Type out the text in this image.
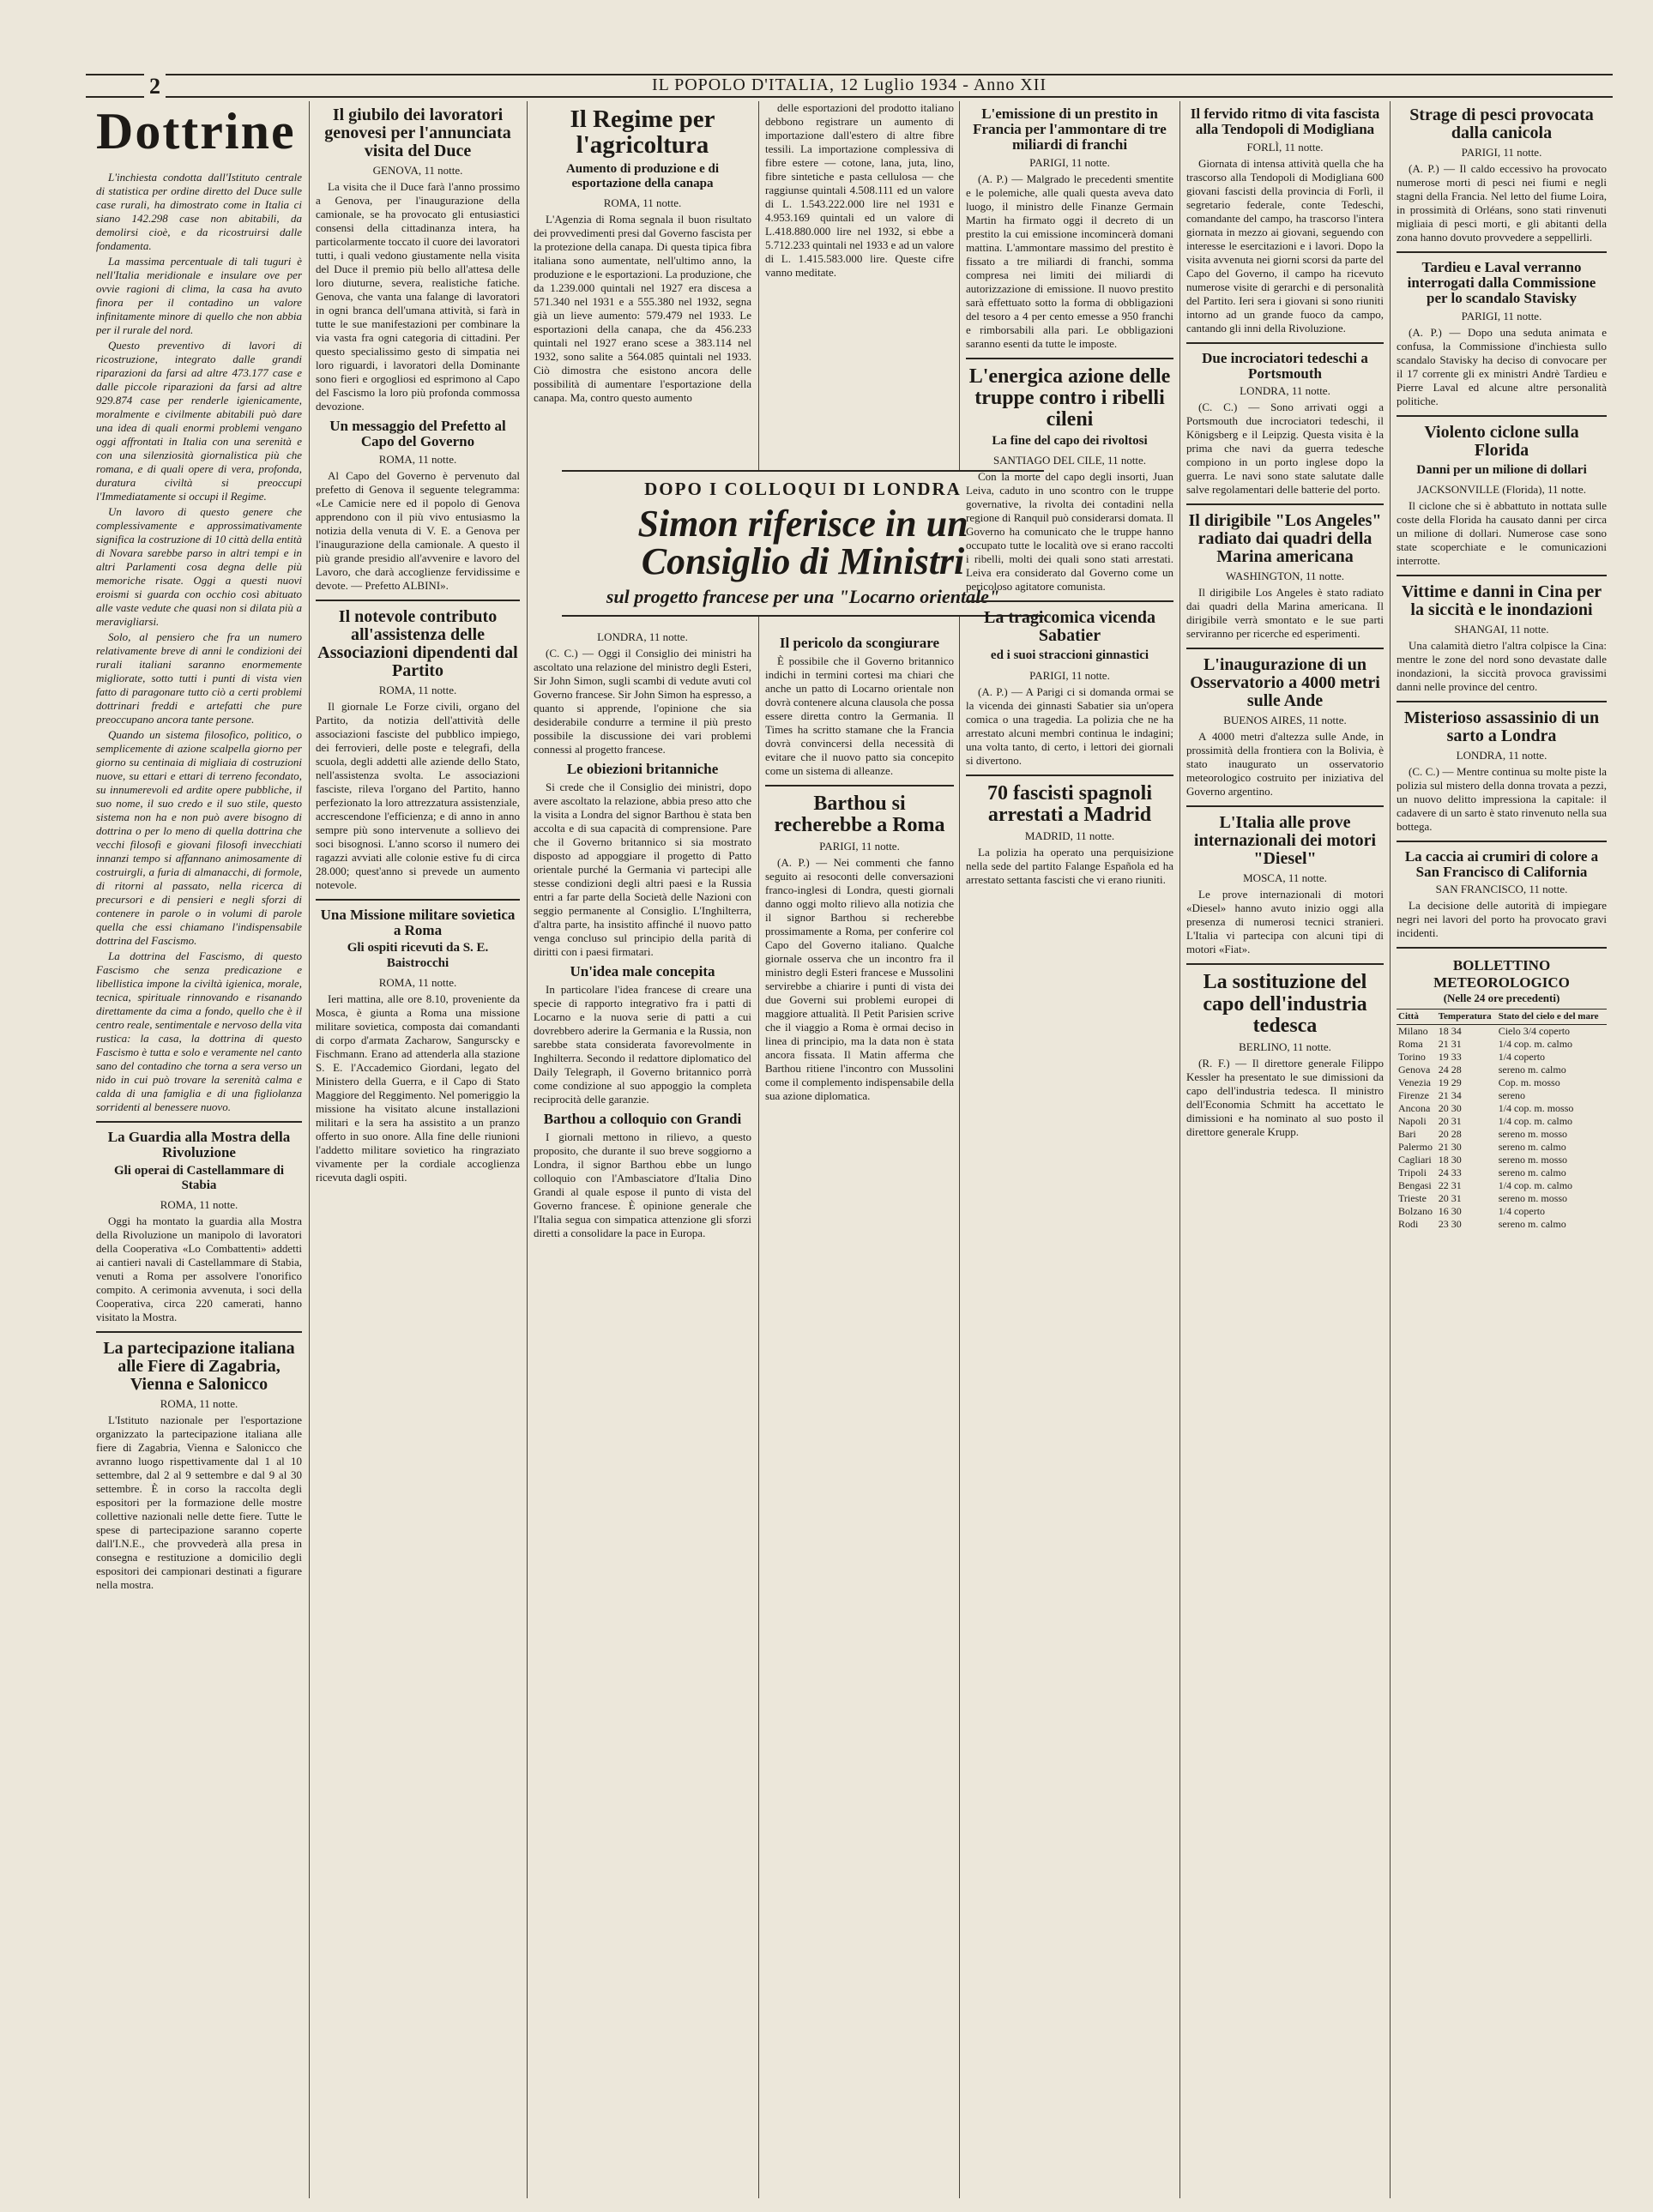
2	IL POPOLO D'ITALIA, 12 Luglio 1934 - Anno XII
Dottrine

L'inchiesta condotta dall'Istituto centrale di statistica per ordine diretto del Duce sulle case rurali, ha dimostrato come in Italia ci siano 142.298 case non abitabili, da demolirsi cioè, e da ricostruirsi dalle fondamenta.

La massima percentuale di tali tuguri è nell'Italia meridionale e insulare ove per ovvie ragioni di clima, la casa ha avuto finora per il contadino un valore infinitamente minore di quello che non abbia per il rurale del nord.

Questo preventivo di lavori di ricostruzione, integrato dalle grandi riparazioni da farsi ad altre 473.177 case e dalle piccole riparazioni da farsi ad altre 929.874 case per renderle igienicamente, moralmente e civilmente abitabili può dare una idea di quali enormi problemi vengano oggi affrontati in Italia con una serenità e con una silenziosità giornalistica più che romana, e di quali opere di vera, profonda, duratura civiltà si preoccupi l'Immediatamente si occupi il Regime.

Un lavoro di questo genere che complessivamente e approssimativamente significa la costruzione di 10 città della entità di Novara sarebbe parso in altri tempi e in altri Parlamenti cosa degna delle più memoriche risate. Oggi a questi nuovi eroismi si guarda con occhio così abituato alle vaste vedute che quasi non si dilata più a meravigliarsi.

Solo, al pensiero che fra un numero relativamente breve di anni le condizioni dei rurali italiani saranno enormemente migliorate, sotto tutti i punti di vista vien fatto di paragonare tutto ciò a certi problemi dottrinari freddi e artefatti che pure preoccupano ancora tante persone.

Quando un sistema filosofico, politico, o semplicemente di azione scalpella giorno per giorno su centinaia di migliaia di costruzioni nuove, su ettari e ettari di terreno fecondato, su innumerevoli ed ardite opere pubbliche, il suo nome, il suo credo e il suo stile, questo sistema non ha e non può avere bisogno di dottrina o per lo meno di quella dottrina che vecchi filosofi e giovani filosofi invecchiati innanzi tempo si affannano animosamente di costruirgli, a furia di almanacchi, di formole, di ritorni al passato, nella ricerca di precursori e di pensieri e negli sforzi di contenere in parole o in volumi di parole quella che essi chiamano l'indispensabile dottrina del Fascismo.

La dottrina del Fascismo, di questo Fascismo che senza predicazione e libellistica impone la civiltà igienica, morale, tecnica, spirituale rinnovando e risanando direttamente da cima a fondo, quello che è il centro reale, sentimentale e nervoso della vita rustica: la casa, la dottrina di questo Fascismo è tutta e solo e veramente nel canto sano del contadino che torna a sera verso un nido in cui può trovare la serenità calma e calda di una famiglia e di una figliolanza sorridenti al benessere nuovo.

La Guardia alla Mostra della Rivoluzione
Gli operai di Castellammare di Stabia
ROMA, 11 notte.

Oggi ha montato la guardia alla Mostra della Rivoluzione un manipolo di lavoratori della Cooperativa «Lo Combattenti» addetti ai cantieri navali di Castellammare di Stabia, venuti a Roma per assolvere l'onorifico compito. A cerimonia avvenuta, i soci della Cooperativa, circa 220 camerati, hanno visitato la Mostra.

La partecipazione italiana alle Fiere di Zagabria, Vienna e Salonicco
ROMA, 11 notte.

L'Istituto nazionale per l'esportazione organizzato la partecipazione italiana alle fiere di Zagabria, Vienna e Salonicco che avranno luogo rispettivamente dal 1 al 10 settembre, dal 2 al 9 settembre e dal 9 al 30 settembre. È in corso la raccolta degli espositori per la formazione delle mostre collettive nazionali nelle dette fiere. Tutte le spese di partecipazione saranno coperte dall'I.N.E., che provvederà alla presa in consegna e restituzione a domicilio degli espositori dei campionari destinati a figurare nella mostra.

Il giubilo dei lavoratori genovesi per l'annunciata visita del Duce
GENOVA, 11 notte.

La visita che il Duce farà l'anno prossimo a Genova, per l'inaugurazione della camionale, se ha provocato gli entusiastici consensi della cittadinanza intera, ha particolarmente toccato il cuore dei lavoratori tutti, i quali vedono giustamente nella visita del Duce il premio più bello all'attesa delle loro diuturne, severa, realistiche fatiche. Genova, che vanta una falange di lavoratori in ogni branca dell'umana attività, si farà in tutte le sue manifestazioni per combinare la via vasta fra ogni categoria di cittadini. Per questo specialissimo gesto di simpatia nei loro riguardi, i lavoratori della Dominante sono fieri e orgogliosi ed esprimono al Capo del Fascismo la loro più profonda commossa devozione.

Un messaggio del Prefetto al Capo del Governo
ROMA, 11 notte.

Al Capo del Governo è pervenuto dal prefetto di Genova il seguente telegramma: «Le Camicie nere ed il popolo di Genova apprendono con il più vivo entusiasmo la notizia della venuta di V. E. a Genova per l'inaugurazione della camionale. A questo il più grande presidio all'avvenire e lavoro del Lavoro, che darà accoglienze fervidissime e devote. — Prefetto ALBINI».

Il notevole contributo all'assistenza delle Associazioni dipendenti dal Partito
ROMA, 11 notte.

Il giornale Le Forze civili, organo del Partito, da notizia dell'attività delle associazioni fasciste del pubblico impiego, dei ferrovieri, delle poste e telegrafi, della scuola, degli addetti alle aziende dello Stato, nell'assistenza svolta. Le associazioni fasciste, rileva l'organo del Partito, hanno perfezionato la loro attrezzatura assistenziale, accrescendone l'efficienza; e di anno in anno sempre più sono intervenute a sollievo dei soci bisognosi. L'anno scorso il numero dei ragazzi avviati alle colonie estive fu di circa 28.000; quest'anno si prevede un aumento notevole.

Una Missione militare sovietica a Roma
Gli ospiti ricevuti da S. E. Baistrocchi
ROMA, 11 notte.

Ieri mattina, alle ore 8.10, proveniente da Mosca, è giunta a Roma una missione militare sovietica, composta dai comandanti di corpo d'armata Zacharow, Sangurscky e Fischmann. Erano ad attenderla alla stazione S. E. l'Accademico Giordani, legato del Ministero della Guerra, e il Capo di Stato Maggiore del Reggimento. Nel pomeriggio la missione ha visitato alcune installazioni militari e la sera ha assistito a un pranzo offerto in suo onore. Alla fine delle riunioni l'addetto militare sovietico ha ringraziato vivamente per la cordiale accoglienza ricevuta dagli ospiti.

Il Regime per l'agricoltura
Aumento di produzione e di esportazione della canapa
ROMA, 11 notte.

L'Agenzia di Roma segnala il buon risultato dei provvedimenti presi dal Governo fascista per la protezione della canapa. Di questa tipica fibra italiana sono aumentate, nell'ultimo anno, la produzione e le esportazioni. La produzione, che da 1.239.000 quintali nel 1927 era discesa a 571.340 nel 1931 e a 555.380 nel 1932, segna già un lieve aumento: 579.479 nel 1933. Le esportazioni della canapa, che da 456.233 quintali nel 1927 erano scese a 383.114 nel 1932, sono salite a 564.085 quintali nel 1933. Ciò dimostra che esistono ancora delle possibilità di aumentare l'esportazione della canapa. Ma, contro questo aumento

delle esportazioni del prodotto italiano debbono registrare un aumento di importazione dall'estero di altre fibre tessili. La importazione complessiva di fibre estere — cotone, lana, juta, lino, fibre sintetiche e pasta cellulosa — che raggiunse quintali 4.508.111 ed un valore di L. 1.543.222.000 lire nel 1931 e 4.953.169 quintali ed un valore di L.418.880.000 lire nel 1932, si ebbe a 5.712.233 quintali nel 1933 e ad un valore di L. 1.415.583.000 lire. Queste cifre vanno meditate.

DOPO I COLLOQUI DI LONDRA
Simon riferisce in un Consiglio di Ministri
sul progetto francese per una "Locarno orientale"
LONDRA, 11 notte.

(C. C.) — Oggi il Consiglio dei ministri ha ascoltato una relazione del ministro degli Esteri, Sir John Simon, sugli scambi di vedute avuti col Governo francese. Sir John Simon ha espresso, a quanto si apprende, l'opinione che sia desiderabile condurre a termine il più presto possibile la discussione dei vari problemi connessi al progetto francese.

Le obiezioni britanniche

Si crede che il Consiglio dei ministri, dopo avere ascoltato la relazione, abbia preso atto che la visita a Londra del signor Barthou è stata ben accolta e di sua capacità di comprensione. Pare che il Governo britannico si sia mostrato disposto ad appoggiare il progetto di Patto orientale purché la Germania vi partecipi alle stesse condizioni degli altri paesi e la Russia entri a far parte della Società delle Nazioni con seggio permanente al Consiglio. L'Inghilterra, d'altra parte, ha insistito affinché il nuovo patto venga concluso sul principio della parità di diritti con i paesi firmatari.

Un'idea male concepita

In particolare l'idea francese di creare una specie di rapporto integrativo fra i patti di Locarno e la nuova serie di patti a cui dovrebbero aderire la Germania e la Russia, non sarebbe stata considerata favorevolmente in Inghilterra. Secondo il redattore diplomatico del Daily Telegraph, il Governo britannico porrà come condizione al suo appoggio la completa reciprocità delle garanzie.

Barthou a colloquio con Grandi

I giornali mettono in rilievo, a questo proposito, che durante il suo breve soggiorno a Londra, il signor Barthou ebbe un lungo colloquio con l'Ambasciatore d'Italia Dino Grandi al quale espose il punto di vista del Governo francese. È opinione generale che l'Italia segua con simpatica attenzione gli sforzi diretti a consolidare la pace in Europa.

Il pericolo da scongiurare

È possibile che il Governo britannico indichi in termini cortesi ma chiari che anche un patto di Locarno orientale non dovrà contenere alcuna clausola che possa essere diretta contro la Germania. Il Times ha scritto stamane che la Francia dovrà convincersi della necessità di evitare che il nuovo patto sia concepito come un sistema di alleanze.

Barthou si recherebbe a Roma
PARIGI, 11 notte.

(A. P.) — Nei commenti che fanno seguito ai resoconti delle conversazioni franco-inglesi di Londra, questi giornali danno oggi molto rilievo alla notizia che il signor Barthou si recherebbe prossimamente a Roma, per conferire col Capo del Governo italiano. Qualche giornale osserva che un incontro fra il ministro degli Esteri francese e Mussolini servirebbe a chiarire i punti di vista dei due Governi sui problemi europei di maggiore attualità. Il Petit Parisien scrive che il viaggio a Roma è ormai deciso in linea di principio, ma la data non è stata ancora fissata. Il Matin afferma che Barthou ritiene l'incontro con Mussolini come il complemento indispensabile della sua azione diplomatica.

L'emissione di un prestito in Francia per l'ammontare di tre miliardi di franchi
PARIGI, 11 notte.

(A. P.) — Malgrado le precedenti smentite e le polemiche, alle quali questa aveva dato luogo, il ministro delle Finanze Germain Martin ha firmato oggi il decreto di un prestito la cui emissione incomincerà domani mattina. L'ammontare massimo del prestito è fissato a tre miliardi di franchi, somma compresa nei limiti dei miliardi di autorizzazione di emissione. Il nuovo prestito sarà effettuato sotto la forma di obbligazioni del tesoro a 4 per cento emesse a 950 franchi e rimborsabili alla pari. Le obbligazioni saranno esenti da tutte le imposte.

L'energica azione delle truppe contro i ribelli cileni
La fine del capo dei rivoltosi
SANTIAGO DEL CILE, 11 notte.

Con la morte del capo degli insorti, Juan Leiva, caduto in uno scontro con le truppe governative, la rivolta dei contadini nella regione di Ranquil può considerarsi domata. Il Governo ha comunicato che le truppe hanno occupato tutte le località ove si erano raccolti i ribelli, molti dei quali sono stati arrestati. Leiva era considerato dal Governo come un pericoloso agitatore comunista.

La tragicomica vicenda Sabatier
ed i suoi straccioni ginnastici
PARIGI, 11 notte.

(A. P.) — A Parigi ci si domanda ormai se la vicenda dei ginnasti Sabatier sia un'opera comica o una tragedia. La polizia che ne ha arrestato alcuni membri continua le indagini; una volta tanto, di certo, i lettori dei giornali si divertono.

70 fascisti spagnoli arrestati a Madrid
MADRID, 11 notte.

La polizia ha operato una perquisizione nella sede del partito Falange Española ed ha arrestato settanta fascisti che vi erano riuniti.

Il fervido ritmo di vita fascista alla Tendopoli di Modigliana
FORLÌ, 11 notte.

Giornata di intensa attività quella che ha trascorso alla Tendopoli di Modigliana 600 giovani fascisti della provincia di Forlì, il segretario federale, conte Tedeschi, comandante del campo, ha trascorso l'intera giornata in mezzo ai giovani, seguendo con interesse le esercitazioni e i lavori. Dopo la visita avvenuta nei giorni scorsi da parte del Capo del Governo, il campo ha ricevuto numerose visite di gerarchi e di personalità del Partito. Ieri sera i giovani si sono riuniti intorno ad un grande fuoco da campo, cantando gli inni della Rivoluzione.

Due incrociatori tedeschi a Portsmouth
LONDRA, 11 notte.

(C. C.) — Sono arrivati oggi a Portsmouth due incrociatori tedeschi, il Königsberg e il Leipzig. Questa visita è la prima che navi da guerra tedesche compiono in un porto inglese dopo la guerra. Le navi sono state salutate dalle salve regolamentari delle batterie del porto.

Il dirigibile "Los Angeles" radiato dai quadri della Marina americana
WASHINGTON, 11 notte.

Il dirigibile Los Angeles è stato radiato dai quadri della Marina americana. Il dirigibile verrà smontato e le sue parti serviranno per ricerche ed esperimenti.

L'inaugurazione di un Osservatorio a 4000 metri sulle Ande
BUENOS AIRES, 11 notte.

A 4000 metri d'altezza sulle Ande, in prossimità della frontiera con la Bolivia, è stato inaugurato un osservatorio meteorologico costruito per iniziativa del Governo argentino.

L'Italia alle prove internazionali dei motori "Diesel"
MOSCA, 11 notte.

Le prove internazionali di motori «Diesel» hanno avuto inizio oggi alla presenza di numerosi tecnici stranieri. L'Italia vi partecipa con alcuni tipi di motori «Fiat».

La sostituzione del capo dell'industria tedesca
BERLINO, 11 notte.

(R. F.) — Il direttore generale Filippo Kessler ha presentato le sue dimissioni da capo dell'industria tedesca. Il ministro dell'Economia Schmitt ha accettato le dimissioni e ha nominato al suo posto il direttore generale Krupp.

Strage di pesci provocata dalla canicola
PARIGI, 11 notte.

(A. P.) — Il caldo eccessivo ha provocato numerose morti di pesci nei fiumi e negli stagni della Francia. Nel letto del fiume Loira, in prossimità di Orléans, sono stati rinvenuti migliaia di pesci morti, e gli abitanti della zona hanno dovuto provvedere a seppellirli.

Tardieu e Laval verranno interrogati dalla Commissione per lo scandalo Stavisky
PARIGI, 11 notte.

(A. P.) — Dopo una seduta animata e confusa, la Commissione d'inchiesta sullo scandalo Stavisky ha deciso di convocare per il 17 corrente gli ex ministri Andrè Tardieu e Pierre Laval ed alcune altre personalità politiche.

Violento ciclone sulla Florida
Danni per un milione di dollari
JACKSONVILLE (Florida), 11 notte.

Il ciclone che si è abbattuto in nottata sulle coste della Florida ha causato danni per circa un milione di dollari. Numerose case sono state scoperchiate e le comunicazioni interrotte.

Vittime e danni in Cina per la siccità e le inondazioni
SHANGAI, 11 notte.

Una calamità dietro l'altra colpisce la Cina: mentre le zone del nord sono devastate dalle inondazioni, la siccità provoca gravissimi danni nelle province del centro.

Misterioso assassinio di un sarto a Londra
LONDRA, 11 notte.

(C. C.) — Mentre continua su molte piste la polizia sul mistero della donna trovata a pezzi, un nuovo delitto impressiona la capitale: il cadavere di un sarto è stato rinvenuto nella sua bottega.

La caccia ai crumiri di colore a San Francisco di California
SAN FRANCISCO, 11 notte.

La decisione delle autorità di impiegare negri nei lavori del porto ha provocato gravi incidenti.

BOLLETTINO METEOROLOGICO
(Nelle 24 ore precedenti)
Città	Temperatura	Stato del cielo e del mare
Milano	18 34	Cielo 3/4 coperto
Roma	21 31	1/4 cop. m. calmo
Torino	19 33	1/4 coperto
Genova	24 28	sereno m. calmo
Venezia	19 29	Cop. m. mosso
Firenze	21 34	sereno
Ancona	20 30	1/4 cop. m. mosso
Napoli	20 31	1/4 cop. m. calmo
Bari	20 28	sereno m. mosso
Palermo	21 30	sereno m. calmo
Cagliari	18 30	sereno m. mosso
Tripoli	24 33	sereno m. calmo
Bengasi	22 31	1/4 cop. m. calmo
Trieste	20 31	sereno m. mosso
Bolzano	16 30	1/4 coperto
Rodi	23 30	sereno m. calmo
